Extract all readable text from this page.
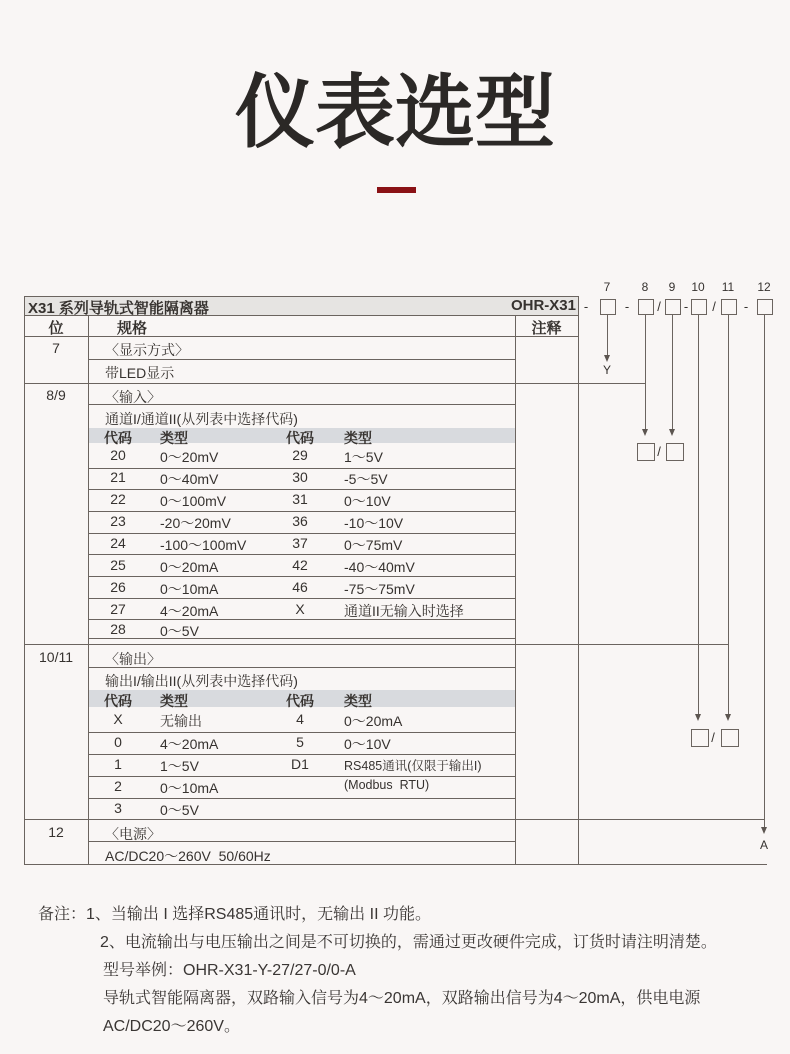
仪表选型
X31 系列导轨式智能隔离器	OHR-X31
位	规格	注释
7	〈显示方式〉
带LED显示
8/9	〈输入〉
通道I/通道II(从列表中选择代码)
代码	类型	代码	类型
20	0～20mV	29	1～5V
21	0～40mV	30	-5～5V
22	0～100mV	31	0～10V
23	-20～20mV	36	-10～10V
24	-100～100mV	37	0～75mV
25	0～20mA	42	-40～40mV
26	0～10mA	46	-75～75mV
27	4～20mA	X	通道II无输入时选择
28	0～5V
10/11	〈输出〉
输出I/输出II(从列表中选择代码)
代码	类型	代码	类型
X	无输出	4	0～20mA
0	4～20mA	5	0～10V
1	1～5V	D1	RS485通讯(仅限于输出I)
2	0～10mA	(Modbus  RTU)
3	0～5V
12	〈电源〉
AC/DC20～260V  50/60Hz
7	8	9	10	11	12
-	-	/	-	/	-
Y
/
/
A
备注：1、当输出 I 选择RS485通讯时，无输出 II 功能。
2、电流输出与电压输出之间是不可切换的，需通过更改硬件完成，订货时请注明清楚。
型号举例：OHR-X31-Y-27/27-0/0-A
导轨式智能隔离器，双路输入信号为4～20mA，双路输出信号为4～20mA，供电电源
AC/DC20～260V。
